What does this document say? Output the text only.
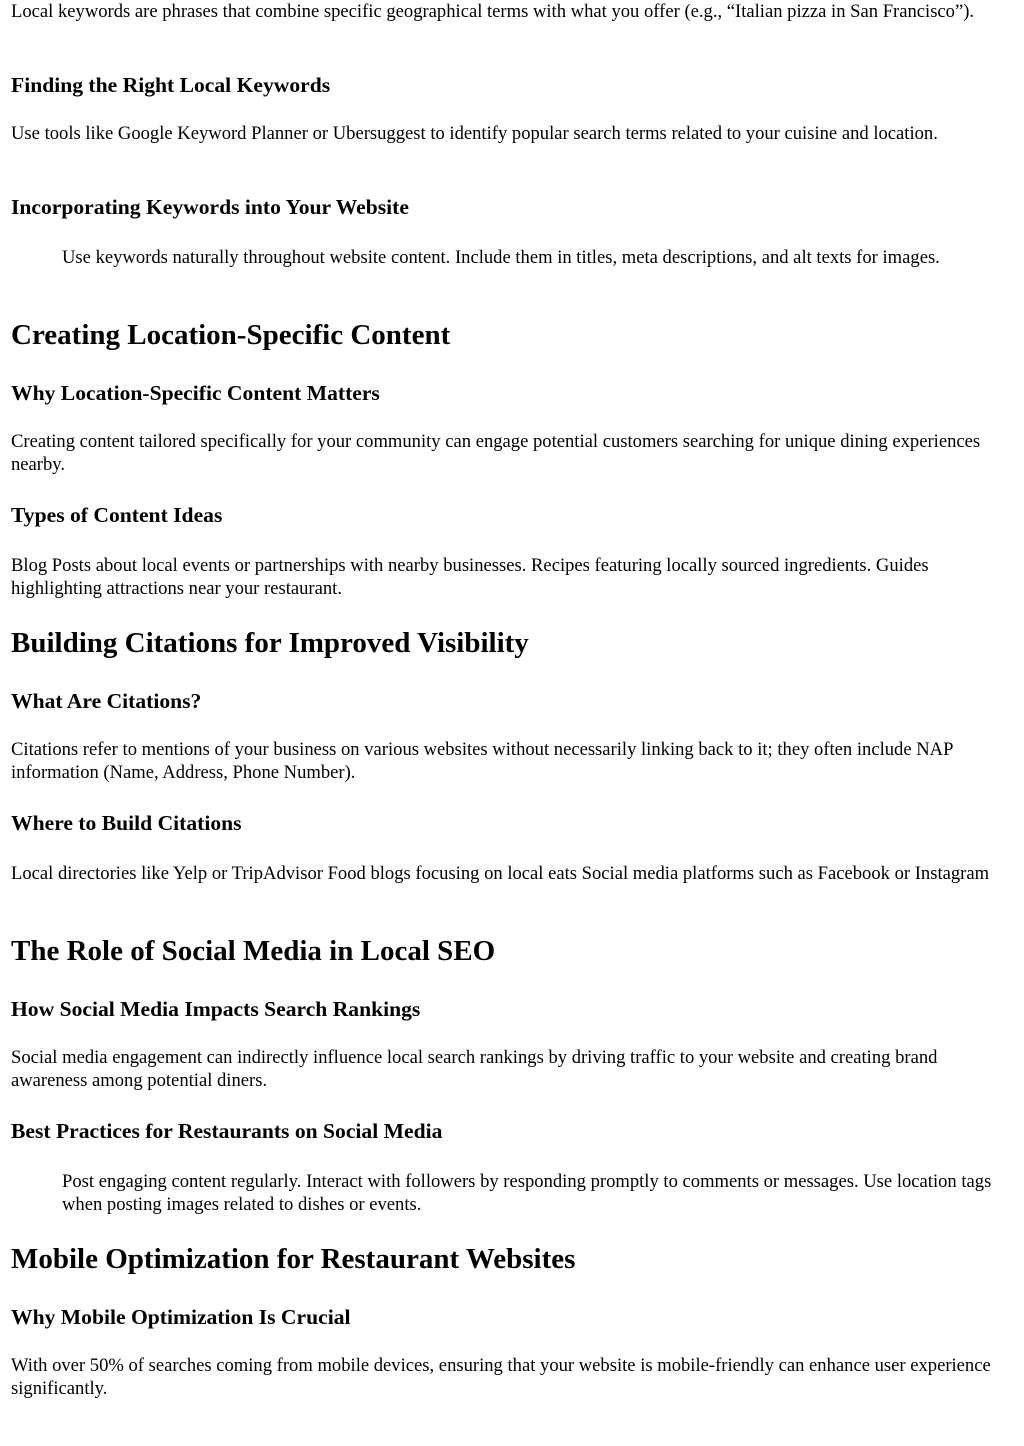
Local keywords are phrases that combine specific geographical terms with what you offer (e.g., “Italian pizza in San Francisco”).

Finding the Right Local Keywords

Use tools like Google Keyword Planner or Ubersuggest to identify popular search terms related to your cuisine and location.

Incorporating Keywords into Your Website

Use keywords naturally throughout website content. Include them in titles, meta descriptions, and alt texts for images.

Creating Location-Specific Content
Why Location-Specific Content Matters

Creating content tailored specifically for your community can engage potential customers searching for unique dining experiences nearby.

Types of Content Ideas

Blog Posts about local events or partnerships with nearby businesses. Recipes featuring locally sourced ingredients. Guides highlighting attractions near your restaurant.

Building Citations for Improved Visibility
What Are Citations?

Citations refer to mentions of your business on various websites without necessarily linking back to it; they often include NAP information (Name, Address, Phone Number).

Where to Build Citations

Local directories like Yelp or TripAdvisor Food blogs focusing on local eats Social media platforms such as Facebook or Instagram

The Role of Social Media in Local SEO
How Social Media Impacts Search Rankings

Social media engagement can indirectly influence local search rankings by driving traffic to your website and creating brand awareness among potential diners.

Best Practices for Restaurants on Social Media

Post engaging content regularly. Interact with followers by responding promptly to comments or messages. Use location tags when posting images related to dishes or events.

Mobile Optimization for Restaurant Websites
Why Mobile Optimization Is Crucial

With over 50% of searches coming from mobile devices, ensuring that your website is mobile-friendly can enhance user experience significantly.
